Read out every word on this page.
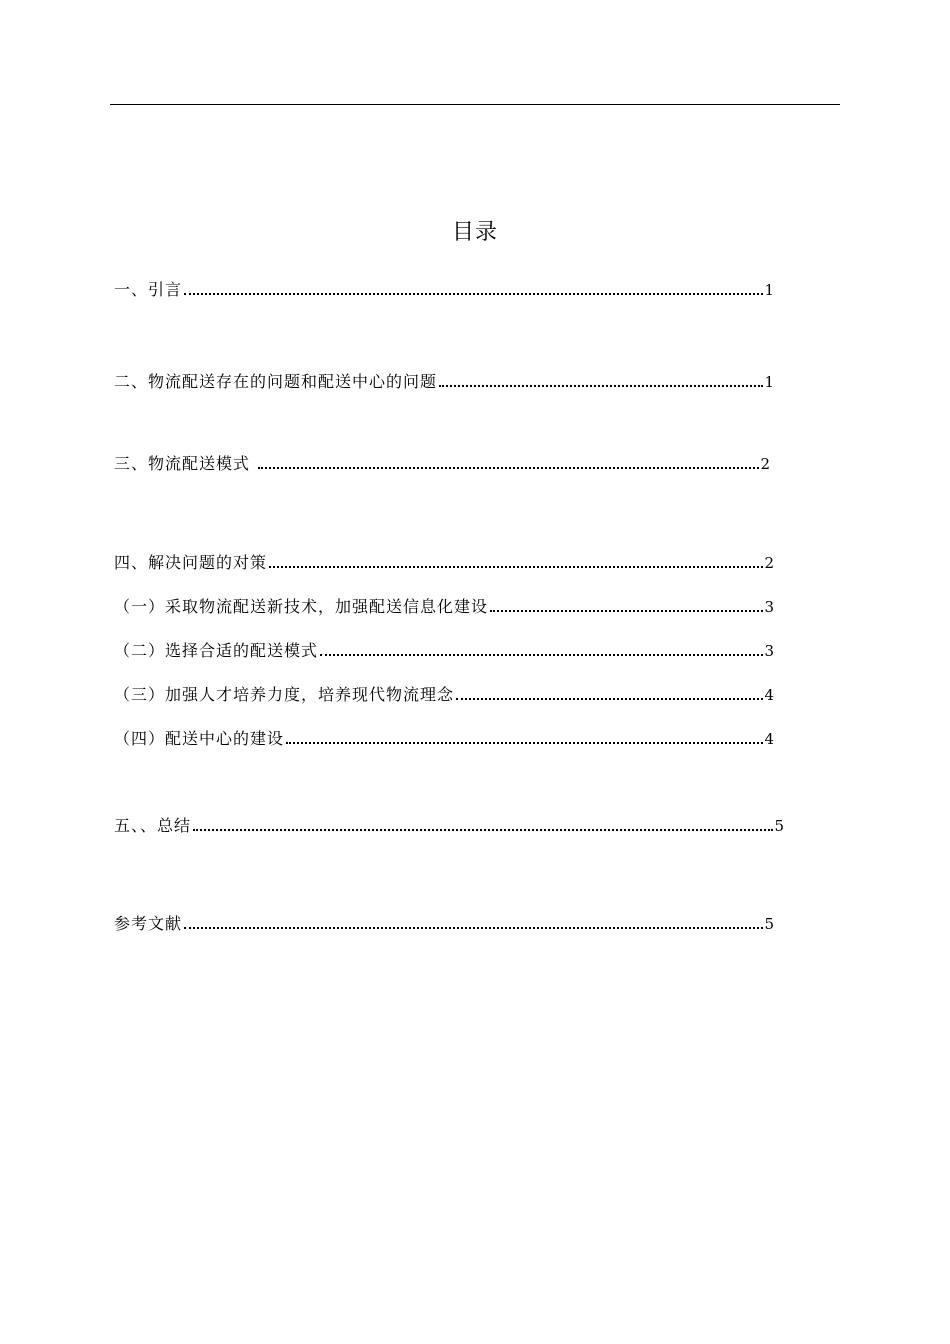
目录
一、引言	1
二、物流配送存在的问题和配送中心的问题	1
三、物流配送模式	2
四、解决问题的对策	2
（一）采取物流配送新技术，加强配送信息化建设	3
（二）选择合适的配送模式	3
（三）加强人才培养力度，培养现代物流理念	4
（四）配送中心的建设	4
五、、总结	5
参考文献	5
